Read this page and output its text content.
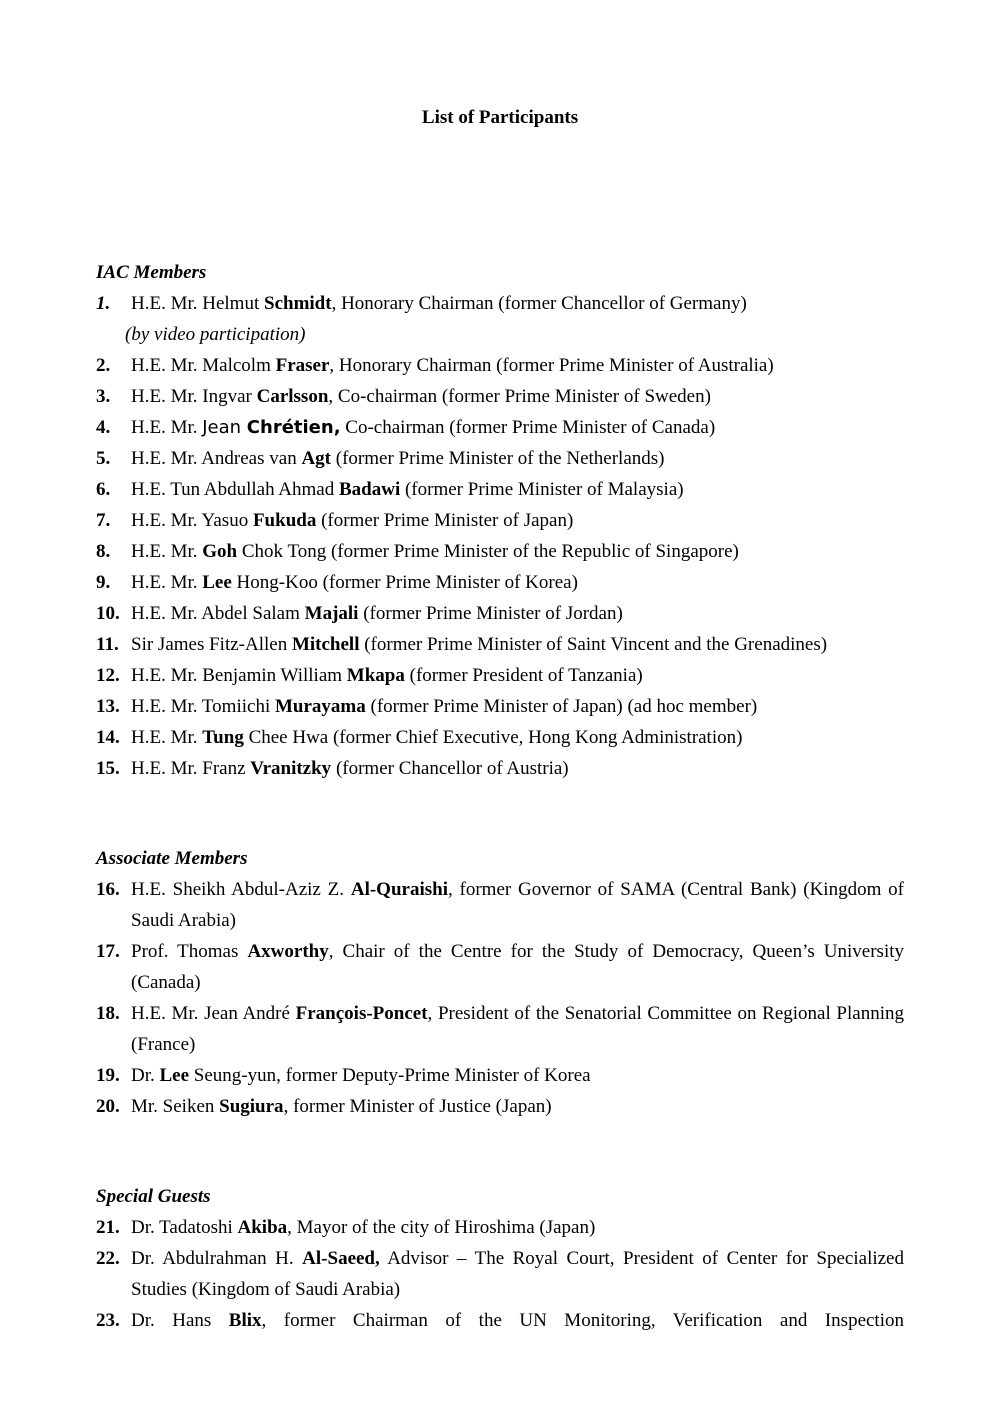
List of Participants

IAC Members

1. H.E. Mr. Helmut Schmidt, Honorary Chairman (former Chancellor of Germany)
(by video participation)
2. H.E. Mr. Malcolm Fraser, Honorary Chairman (former Prime Minister of Australia)
3. H.E. Mr. Ingvar Carlsson, Co-chairman (former Prime Minister of Sweden)
4. H.E. Mr. Jean Chrétien, Co-chairman (former Prime Minister of Canada)
5. H.E. Mr. Andreas van Agt (former Prime Minister of the Netherlands)
6. H.E. Tun Abdullah Ahmad Badawi (former Prime Minister of Malaysia)
7. H.E. Mr. Yasuo Fukuda (former Prime Minister of Japan)
8. H.E. Mr. Goh Chok Tong (former Prime Minister of the Republic of Singapore)
9. H.E. Mr. Lee Hong-Koo (former Prime Minister of Korea)
10. H.E. Mr. Abdel Salam Majali (former Prime Minister of Jordan)
11. Sir James Fitz-Allen Mitchell (former Prime Minister of Saint Vincent and the Grenadines)
12. H.E. Mr. Benjamin William Mkapa (former President of Tanzania)
13. H.E. Mr. Tomiichi Murayama (former Prime Minister of Japan) (ad hoc member)
14. H.E. Mr. Tung Chee Hwa (former Chief Executive, Hong Kong Administration)
15. H.E. Mr. Franz Vranitzky (former Chancellor of Austria)

Associate Members

16. H.E. Sheikh Abdul-Aziz Z. Al-Quraishi, former Governor of SAMA (Central Bank) (Kingdom of Saudi Arabia)
17. Prof. Thomas Axworthy, Chair of the Centre for the Study of Democracy, Queen’s University (Canada)
18. H.E. Mr. Jean André François-Poncet, President of the Senatorial Committee on Regional Planning (France)
19. Dr. Lee Seung-yun, former Deputy-Prime Minister of Korea
20. Mr. Seiken Sugiura, former Minister of Justice (Japan)

Special Guests

21. Dr. Tadatoshi Akiba, Mayor of the city of Hiroshima (Japan)
22. Dr. Abdulrahman H. Al-Saeed, Advisor – The Royal Court, President of Center for Specialized Studies (Kingdom of Saudi Arabia)
23. Dr. Hans Blix, former Chairman of the UN Monitoring, Verification and Inspection
